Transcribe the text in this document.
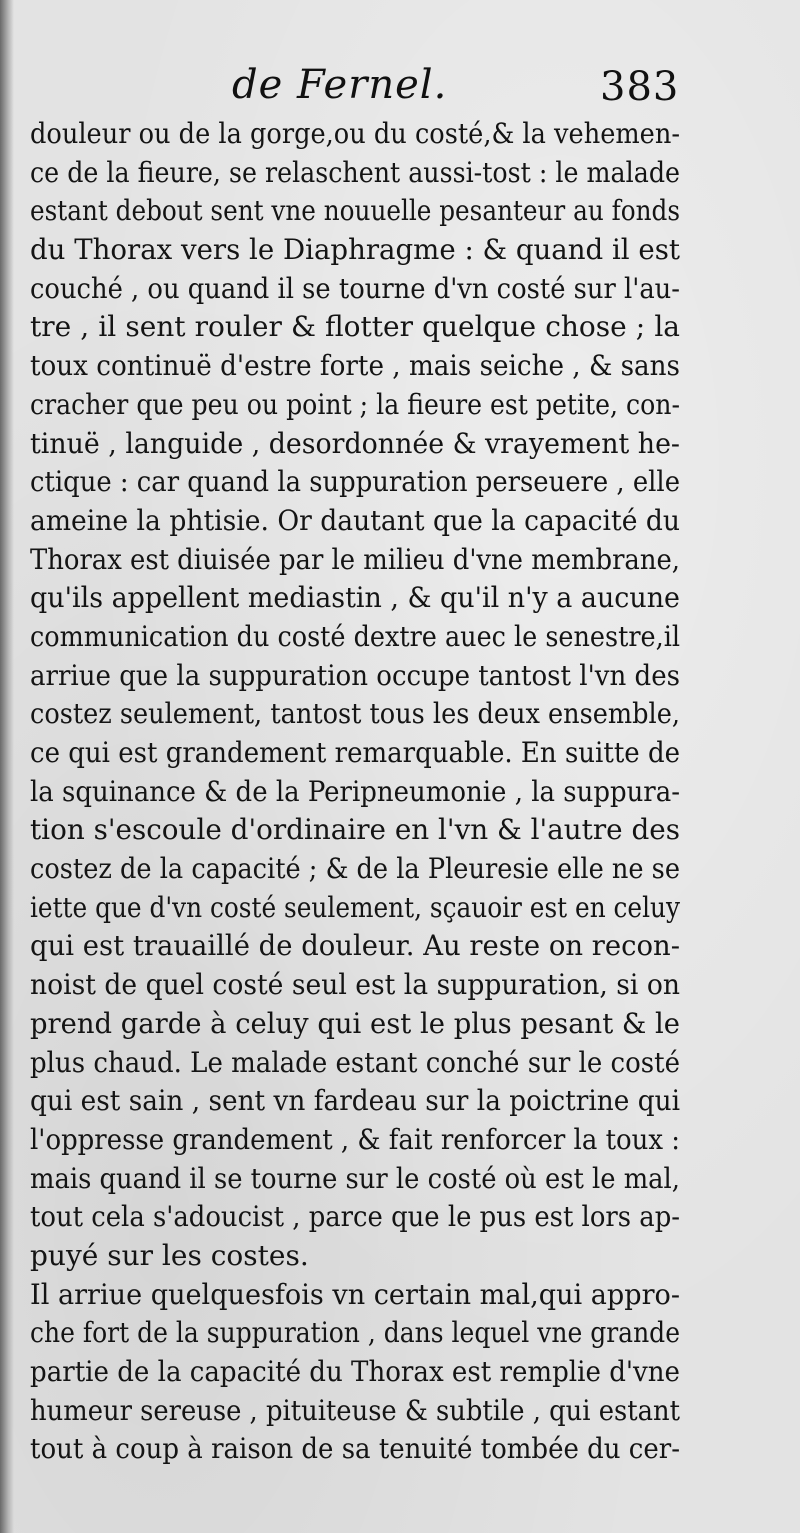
de Fernel.	383
douleur ou de la gorge,ou du costé,& la vehemen-
ce de la fieure, se relaschent aussi-tost : le malade
estant debout sent vne nouuelle pesanteur au fonds
du Thorax vers le Diaphragme : & quand il est
couché , ou quand il se tourne d'vn costé sur l'au-
tre , il sent rouler & flotter quelque chose ; la
toux continuë d'estre forte , mais seiche , & sans
cracher que peu ou point ; la fieure est petite, con-
tinuë , languide , desordonnée & vrayement he-
ctique : car quand la suppuration perseuere , elle
ameine la phtisie. Or dautant que la capacité du
Thorax est diuisée par le milieu d'vne membrane,
qu'ils appellent mediastin , & qu'il n'y a aucune
communication du costé dextre auec le senestre,il
arriue que la suppuration occupe tantost l'vn des
costez seulement, tantost tous les deux ensemble,
ce qui est grandement remarquable. En suitte de
la squinance & de la Peripneumonie , la suppura-
tion s'escoule d'ordinaire en l'vn & l'autre des
costez de la capacité ; & de la Pleuresie elle ne se
iette que d'vn costé seulement, sçauoir est en celuy
qui est trauaillé de douleur. Au reste on recon-
noist de quel costé seul est la suppuration, si on
prend garde à celuy qui est le plus pesant & le
plus chaud. Le malade estant conché sur le costé
qui est sain , sent vn fardeau sur la poictrine qui
l'oppresse grandement , & fait renforcer la toux :
mais quand il se tourne sur le costé où est le mal,
tout cela s'adoucist , parce que le pus est lors ap-
puyé sur les costes.
Il arriue quelquesfois vn certain mal,qui appro-
che fort de la suppuration , dans lequel vne grande
partie de la capacité du Thorax est remplie d'vne
humeur sereuse , pituiteuse & subtile , qui estant
tout à coup à raison de sa tenuité tombée du cer-
